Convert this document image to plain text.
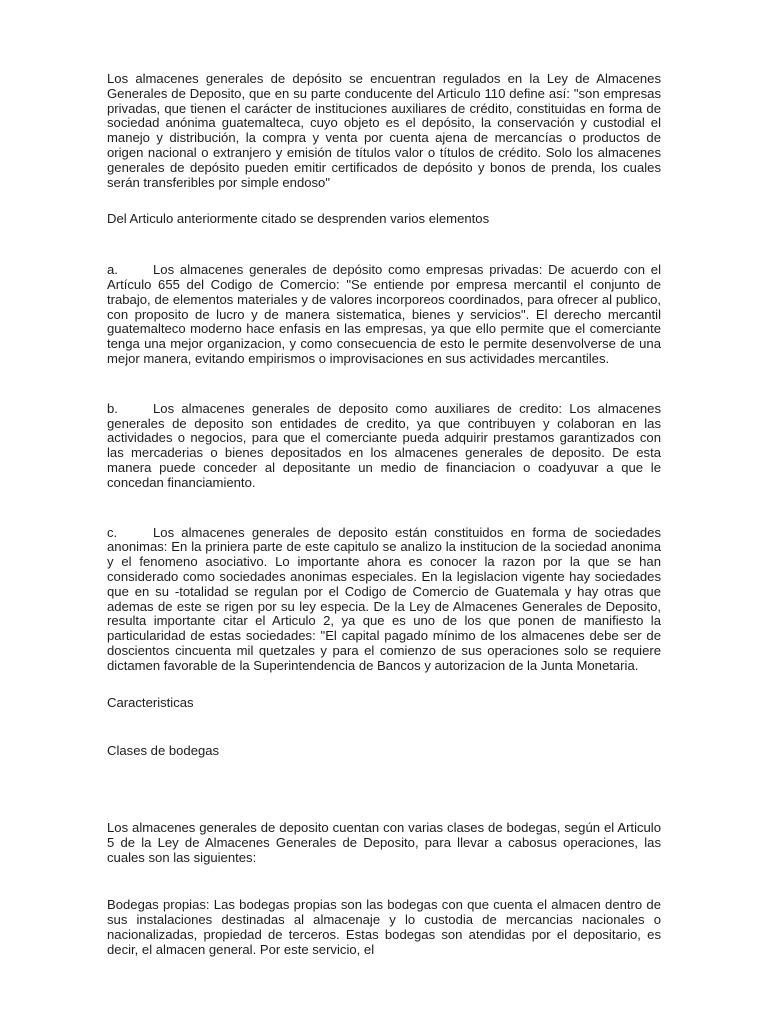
Los almacenes generales de depósito se encuentran regulados en la Ley de Almacenes Generales de Deposito, que en su parte conducente del Articulo 110 define así: "son empresas privadas, que tienen el carácter de instituciones auxiliares de crédito, constituidas en forma de sociedad anónima guatemalteca, cuyo objeto es el depósito, la conservación y custodial el manejo y distribución, la compra y venta por cuenta ajena de mercancías o productos de origen nacional o extranjero y emisión de títulos valor o títulos de crédito. Solo los almacenes generales de depósito pueden emitir certificados de depósito y bonos de prenda, los cuales serán transferibles por simple endoso"

Del Articulo anteriormente citado se desprenden varios elementos

a.	Los almacenes generales de depósito como empresas privadas: De acuerdo con el Artículo 655 del Codigo de Comercio: "Se entiende por empresa mercantil el conjunto de trabajo, de elementos materiales y de valores incorporeos coordinados, para ofrecer al publico, con proposito de lucro y de manera sistematica, bienes y servicios". El derecho mercantil guatemalteco moderno hace enfasis en las empresas, ya que ello permite que el comerciante tenga una mejor organizacion, y como consecuencia de esto le permite desenvolverse de una mejor manera, evitando empirismos o improvisaciones en sus actividades mercantiles.

b.	Los almacenes generales de deposito como auxiliares de credito: Los almacenes generales de deposito son entidades de credito, ya que contribuyen y colaboran en las actividades o negocios, para que el comerciante pueda adquirir prestamos garantizados con las mercaderias o bienes depositados en los almacenes generales de deposito. De esta manera puede conceder al depositante un medio de financiacion o coadyuvar a que le concedan financiamiento.

c.	Los almacenes generales de deposito están constituidos en forma de sociedades anonimas: En la priniera parte de este capitulo se analizo la institucion de la sociedad anonima y el fenomeno asociativo. Lo importante ahora es conocer la razon por la que se han considerado como sociedades anonimas especiales. En la legislacion vigente hay sociedades que en su -totalidad se regulan por el Codigo de Comercio de Guatemala y hay otras que ademas de este se rigen por su ley especia. De la Ley de Almacenes Generales de Deposito, resulta importante citar el Articulo 2, ya que es uno de los que ponen de manifiesto la particularidad de estas sociedades: "El capital pagado mínimo de los almacenes debe ser de doscientos cincuenta mil quetzales y para el comienzo de sus operaciones solo se requiere dictamen favorable de la Superintendencia de Bancos y autorizacion de la Junta Monetaria.

Caracteristicas

Clases de bodegas

Los almacenes generales de deposito cuentan con varias clases de bodegas, según el Articulo 5 de la Ley de Almacenes Generales de Deposito, para llevar a cabosus operaciones, las cuales son las siguientes:

Bodegas propias: Las bodegas propias son las bodegas con que cuenta el almacen dentro de sus instalaciones destinadas al almacenaje y lo custodia de mercancias nacionales o nacionalizadas, propiedad de terceros. Estas bodegas son atendidas por el depositario, es decir, el almacen general. Por este servicio, el
